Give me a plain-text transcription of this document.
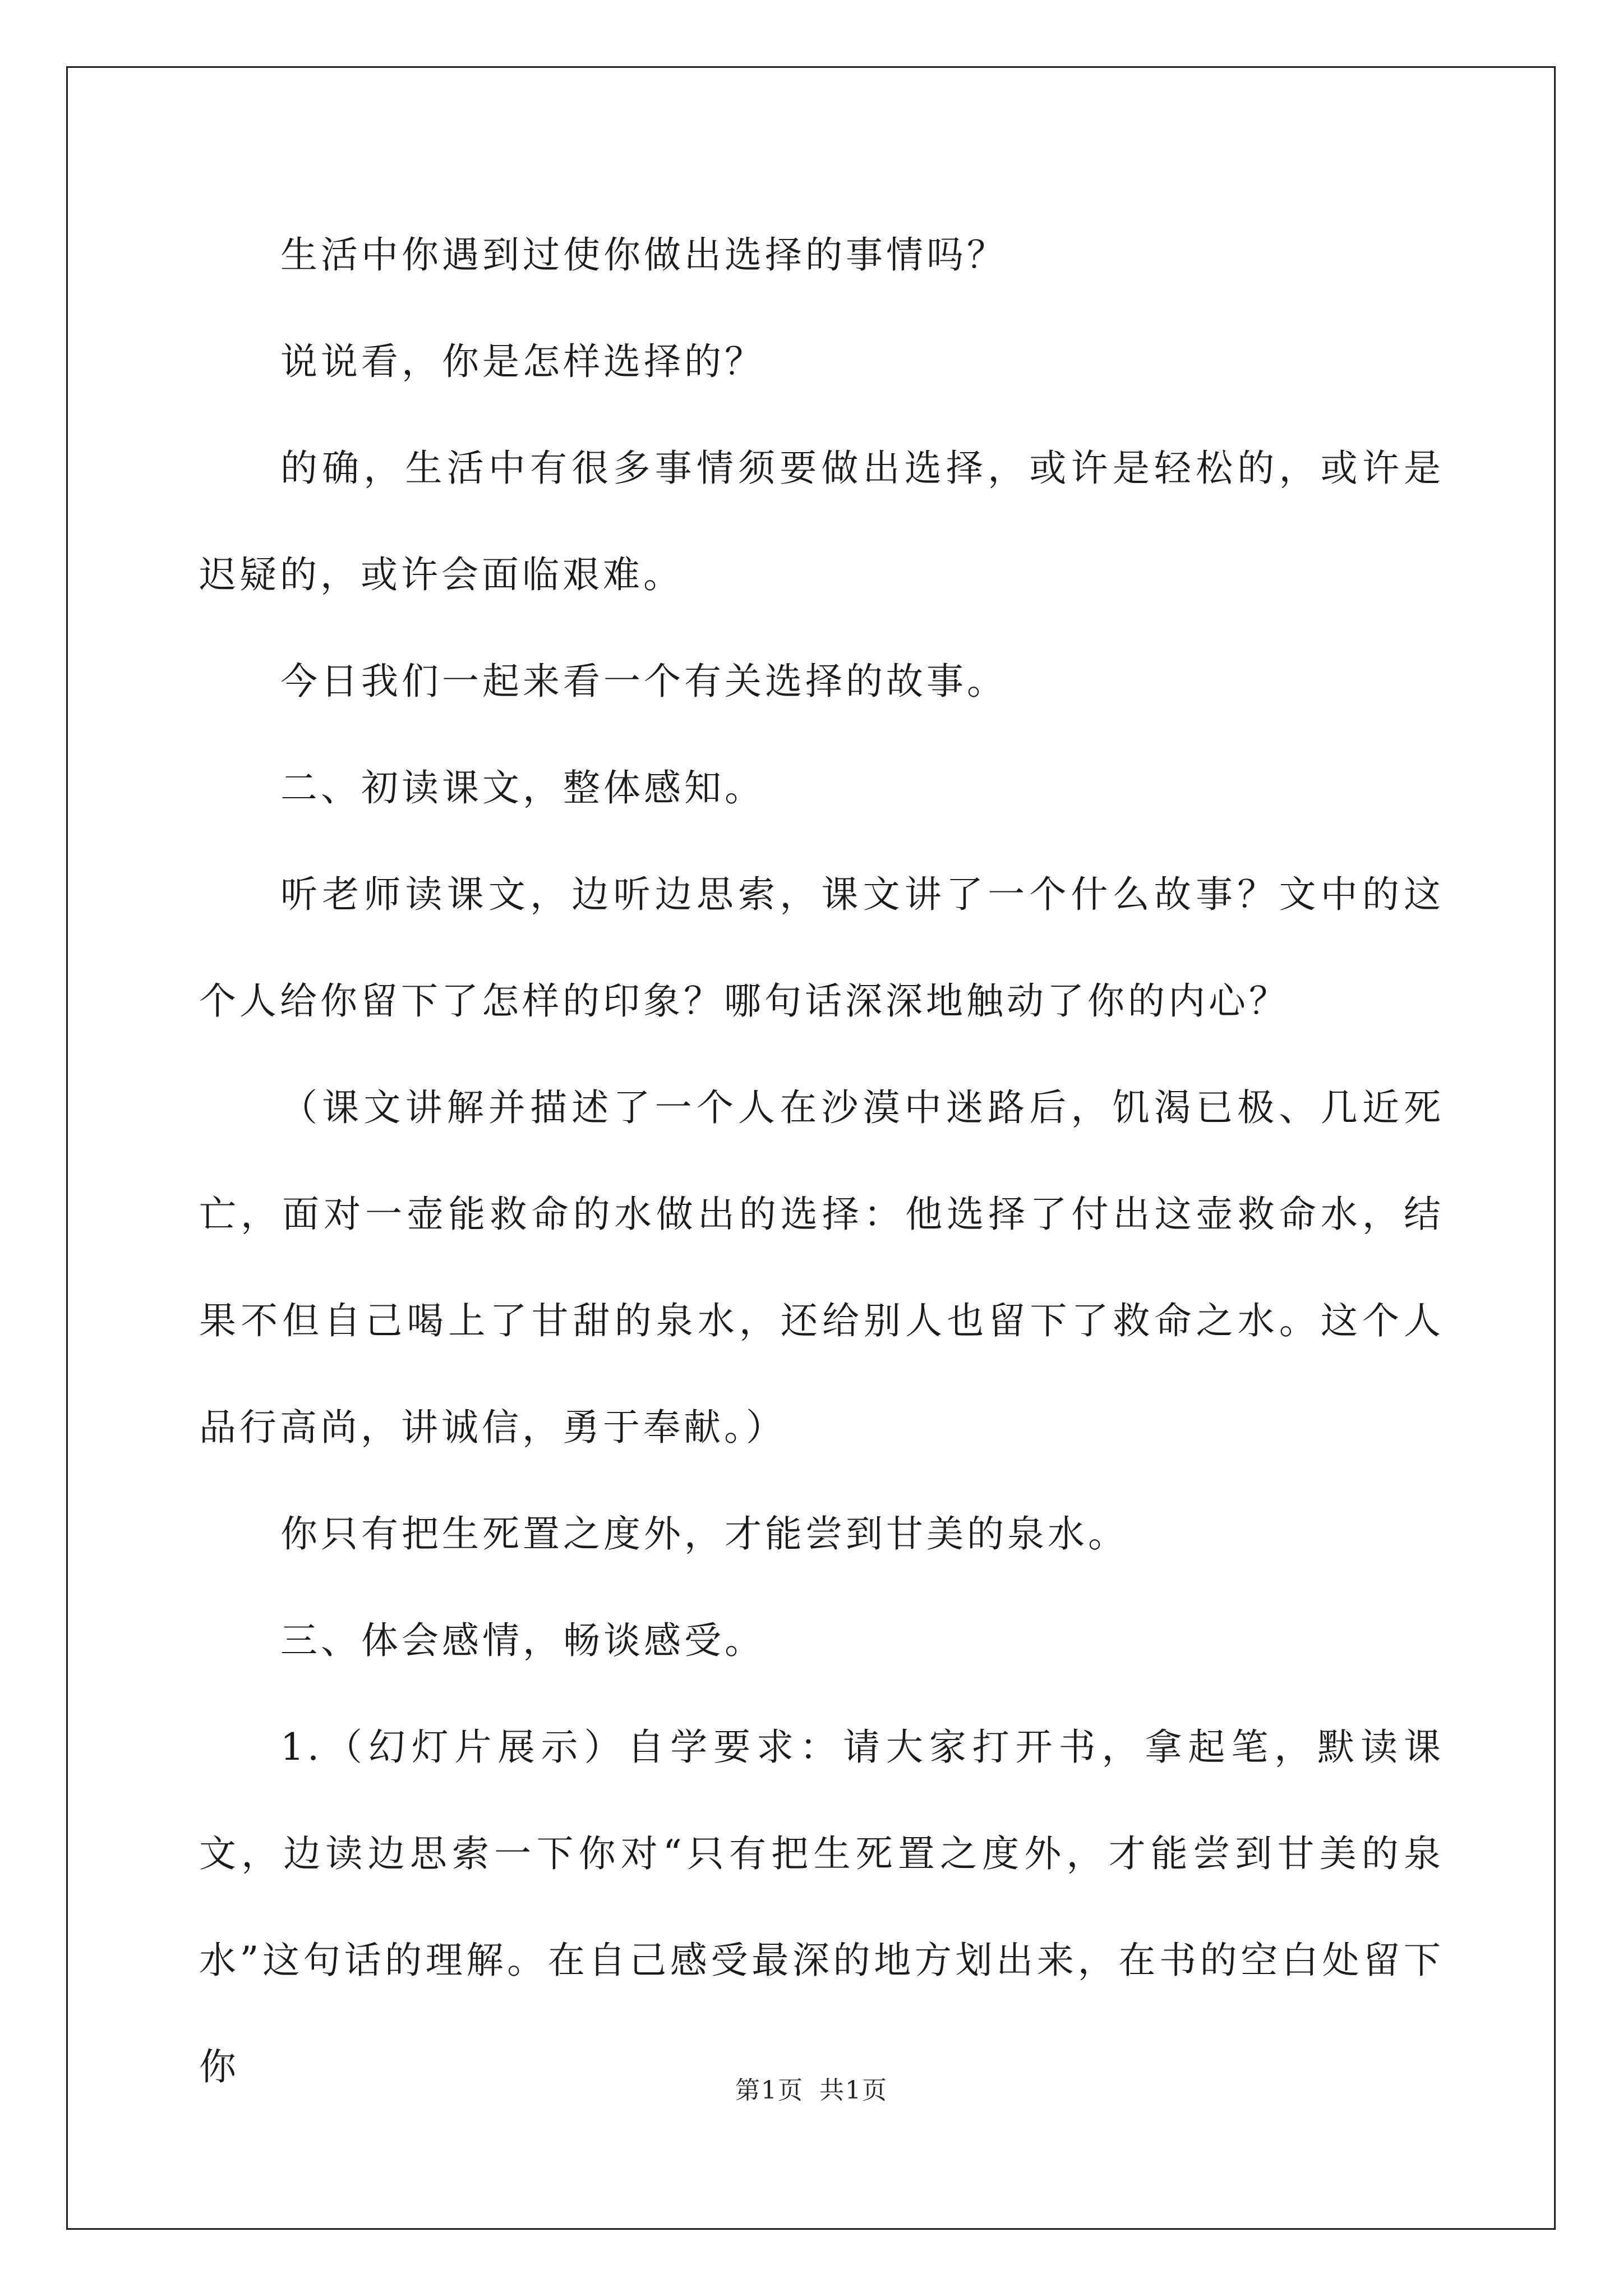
生活中你遇到过使你做出选择的事情吗？

说说看，你是怎样选择的？

的确，生活中有很多事情须要做出选择，或许是轻松的，或许是迟疑的，或许会面临艰难。

今日我们一起来看一个有关选择的故事。

二、初读课文，整体感知。

听老师读课文，边听边思索，课文讲了一个什么故事？文中的这个人给你留下了怎样的印象？哪句话深深地触动了你的内心？

（课文讲解并描述了一个人在沙漠中迷路后，饥渴已极、几近死亡，面对一壶能救命的水做出的选择：他选择了付出这壶救命水，结果不但自己喝上了甘甜的泉水，还给别人也留下了救命之水。这个人品行高尚，讲诚信，勇于奉献。）

你只有把生死置之度外，才能尝到甘美的泉水。

三、体会感情，畅谈感受。

1.（幻灯片展示）自学要求：请大家打开书，拿起笔，默读课文，边读边思索一下你对“只有把生死置之度外，才能尝到甘美的泉水”这句话的理解。在自己感受最深的地方划出来，在书的空白处留下你

第1页 共1页
